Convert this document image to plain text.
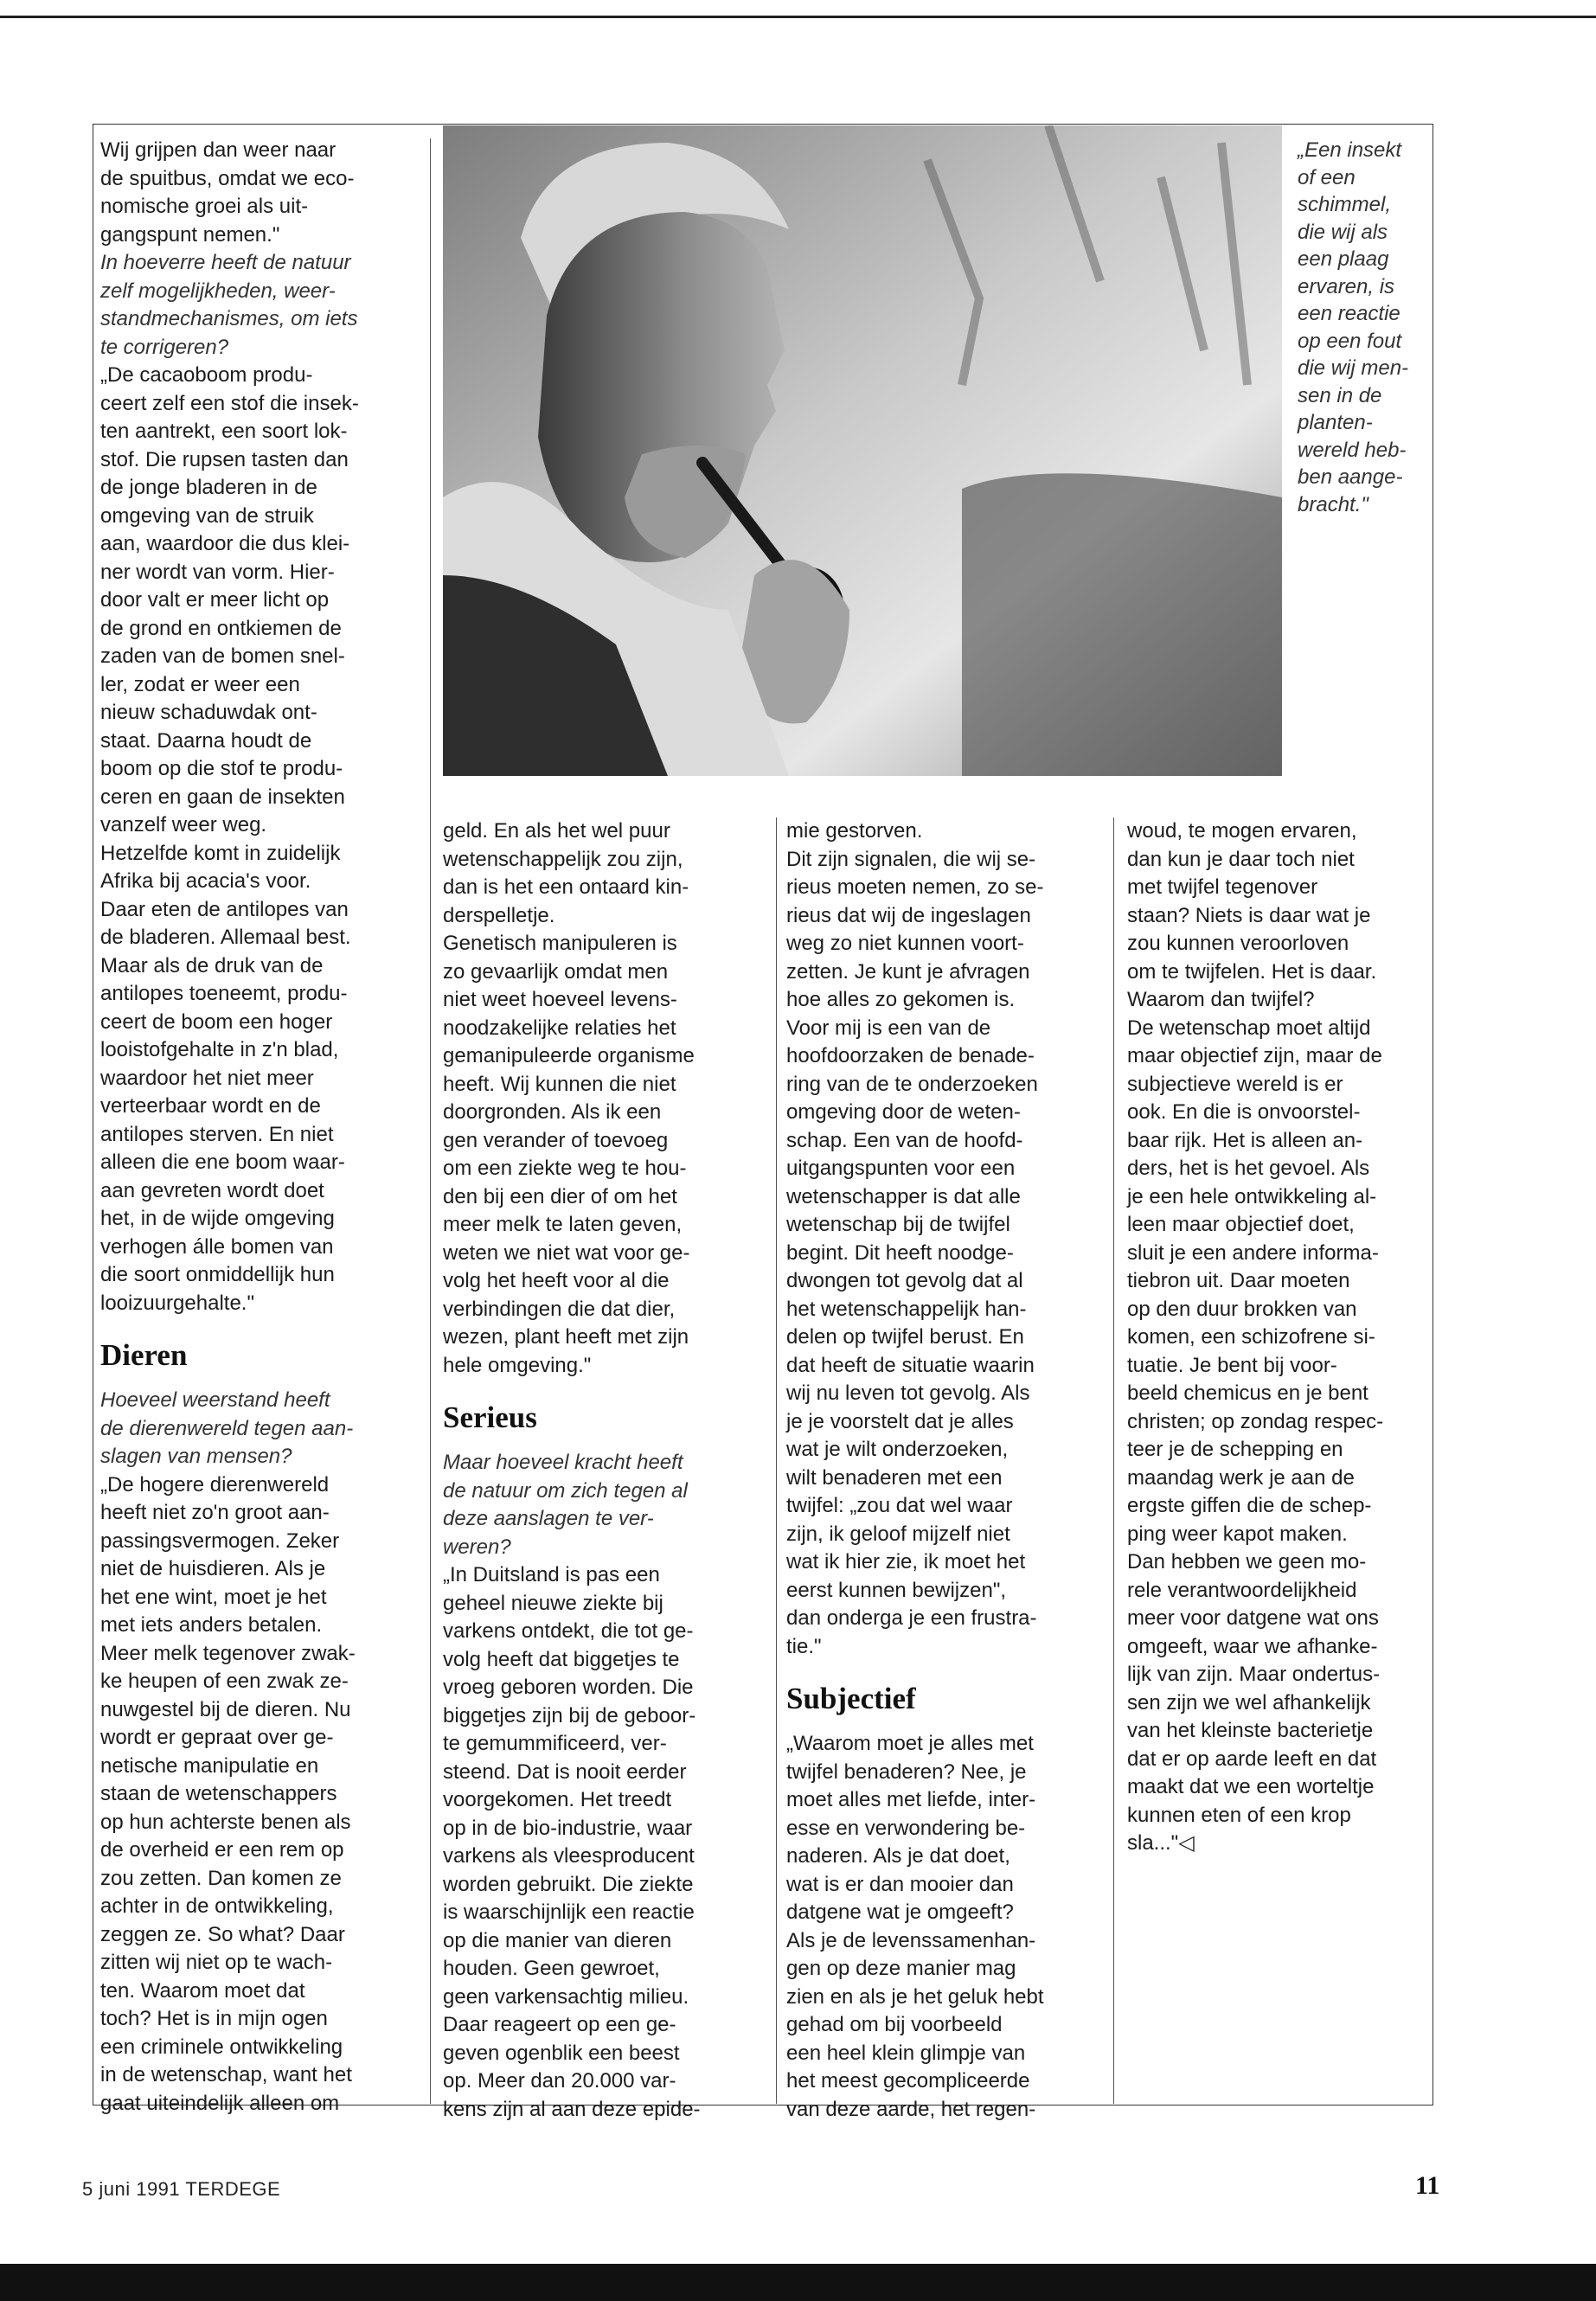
„Een insekt
of een
schimmel,
die wij als
een plaag
ervaren, is
een reactie
op een fout
die wij men-
sen in de
planten-
wereld heb-
ben aange-
bracht."
Wij grijpen dan weer naar
de spuitbus, omdat we eco-
nomische groei als uit-
gangspunt nemen."
In hoeverre heeft de natuur
zelf mogelijkheden, weer-
standmechanismes, om iets
te corrigeren?
„De cacaoboom produ-
ceert zelf een stof die insek-
ten aantrekt, een soort lok-
stof. Die rupsen tasten dan
de jonge bladeren in de
omgeving van de struik
aan, waardoor die dus klei-
ner wordt van vorm. Hier-
door valt er meer licht op
de grond en ontkiemen de
zaden van de bomen snel-
ler, zodat er weer een
nieuw schaduwdak ont-
staat. Daarna houdt de
boom op die stof te produ-
ceren en gaan de insekten
vanzelf weer weg.
Hetzelfde komt in zuidelijk
Afrika bij acacia's voor.
Daar eten de antilopes van
de bladeren. Allemaal best.
Maar als de druk van de
antilopes toeneemt, produ-
ceert de boom een hoger
looistofgehalte in z'n blad,
waardoor het niet meer
verteerbaar wordt en de
antilopes sterven. En niet
alleen die ene boom waar-
aan gevreten wordt doet
het, in de wijde omgeving
verhogen álle bomen van
die soort onmiddellijk hun
looizuurgehalte."
Dieren
Hoeveel weerstand heeft
de dierenwereld tegen aan-
slagen van mensen?
„De hogere dierenwereld
heeft niet zo'n groot aan-
passingsvermogen. Zeker
niet de huisdieren. Als je
het ene wint, moet je het
met iets anders betalen.
Meer melk tegenover zwak-
ke heupen of een zwak ze-
nuwgestel bij de dieren. Nu
wordt er gepraat over ge-
netische manipulatie en
staan de wetenschappers
op hun achterste benen als
de overheid er een rem op
zou zetten. Dan komen ze
achter in de ontwikkeling,
zeggen ze. So what? Daar
zitten wij niet op te wach-
ten. Waarom moet dat
toch? Het is in mijn ogen
een criminele ontwikkeling
in de wetenschap, want het
gaat uiteindelijk alleen om
geld. En als het wel puur
wetenschappelijk zou zijn,
dan is het een ontaard kin-
derspelletje.
Genetisch manipuleren is
zo gevaarlijk omdat men
niet weet hoeveel levens-
noodzakelijke relaties het
gemanipuleerde organisme
heeft. Wij kunnen die niet
doorgronden. Als ik een
gen verander of toevoeg
om een ziekte weg te hou-
den bij een dier of om het
meer melk te laten geven,
weten we niet wat voor ge-
volg het heeft voor al die
verbindingen die dat dier,
wezen, plant heeft met zijn
hele omgeving."
Serieus
Maar hoeveel kracht heeft
de natuur om zich tegen al
deze aanslagen te ver-
weren?
„In Duitsland is pas een
geheel nieuwe ziekte bij
varkens ontdekt, die tot ge-
volg heeft dat biggetjes te
vroeg geboren worden. Die
biggetjes zijn bij de geboor-
te gemummificeerd, ver-
steend. Dat is nooit eerder
voorgekomen. Het treedt
op in de bio-industrie, waar
varkens als vleesproducent
worden gebruikt. Die ziekte
is waarschijnlijk een reactie
op die manier van dieren
houden. Geen gewroet,
geen varkensachtig milieu.
Daar reageert op een ge-
geven ogenblik een beest
op. Meer dan 20.000 var-
kens zijn al aan deze epide-
mie gestorven.
Dit zijn signalen, die wij se-
rieus moeten nemen, zo se-
rieus dat wij de ingeslagen
weg zo niet kunnen voort-
zetten. Je kunt je afvragen
hoe alles zo gekomen is.
Voor mij is een van de
hoofdoorzaken de benade-
ring van de te onderzoeken
omgeving door de weten-
schap. Een van de hoofd-
uitgangspunten voor een
wetenschapper is dat alle
wetenschap bij de twijfel
begint. Dit heeft noodge-
dwongen tot gevolg dat al
het wetenschappelijk han-
delen op twijfel berust. En
dat heeft de situatie waarin
wij nu leven tot gevolg. Als
je je voorstelt dat je alles
wat je wilt onderzoeken,
wilt benaderen met een
twijfel: „zou dat wel waar
zijn, ik geloof mijzelf niet
wat ik hier zie, ik moet het
eerst kunnen bewijzen",
dan onderga je een frustra-
tie."
Subjectief
„Waarom moet je alles met
twijfel benaderen? Nee, je
moet alles met liefde, inter-
esse en verwondering be-
naderen. Als je dat doet,
wat is er dan mooier dan
datgene wat je omgeeft?
Als je de levenssamenhan-
gen op deze manier mag
zien en als je het geluk hebt
gehad om bij voorbeeld
een heel klein glimpje van
het meest gecompliceerde
van deze aarde, het regen-
woud, te mogen ervaren,
dan kun je daar toch niet
met twijfel tegenover
staan? Niets is daar wat je
zou kunnen veroorloven
om te twijfelen. Het is daar.
Waarom dan twijfel?
De wetenschap moet altijd
maar objectief zijn, maar de
subjectieve wereld is er
ook. En die is onvoorstel-
baar rijk. Het is alleen an-
ders, het is het gevoel. Als
je een hele ontwikkeling al-
leen maar objectief doet,
sluit je een andere informa-
tiebron uit. Daar moeten
op den duur brokken van
komen, een schizofrene si-
tuatie. Je bent bij voor-
beeld chemicus en je bent
christen; op zondag respec-
teer je de schepping en
maandag werk je aan de
ergste giffen die de schep-
ping weer kapot maken.
Dan hebben we geen mo-
rele verantwoordelijkheid
meer voor datgene wat ons
omgeeft, waar we afhanke-
lijk van zijn. Maar ondertus-
sen zijn we wel afhankelijk
van het kleinste bacterietje
dat er op aarde leeft en dat
maakt dat we een worteltje
kunnen eten of een krop
sla..."◁
5 juni 1991 TERDEGE	11
